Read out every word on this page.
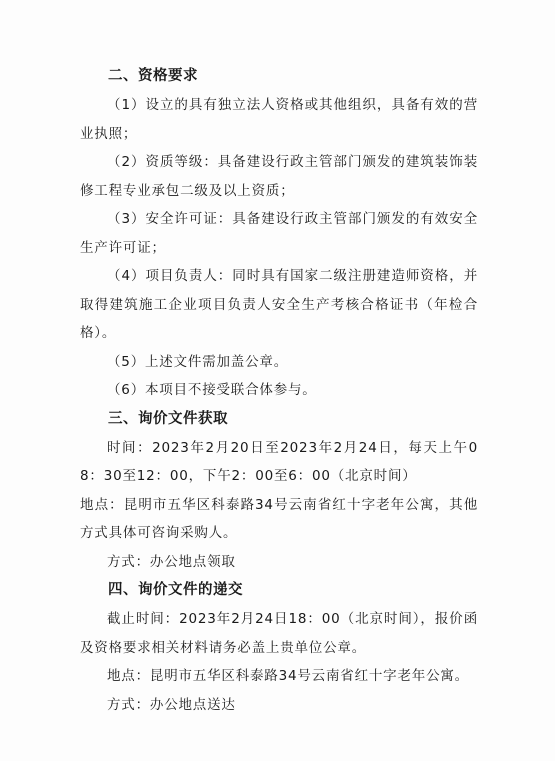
二、资格要求

（1）设立的具有独立法人资格或其他组织，具备有效的营业执照；

（2）资质等级：具备建设行政主管部门颁发的建筑装饰装修工程专业承包二级及以上资质；

（3）安全许可证：具备建设行政主管部门颁发的有效安全生产许可证；

（4）项目负责人：同时具有国家二级注册建造师资格，并取得建筑施工企业项目负责人安全生产考核合格证书（年检合格）。

（5）上述文件需加盖公章。

（6）本项目不接受联合体参与。

三、询价文件获取

时间：2023年2月20日至2023年2月24日，每天上午08：30至12：00，下午2：00至6：00（北京时间）

地点：昆明市五华区科泰路34号云南省红十字老年公寓，其他方式具体可咨询采购人。

方式：办公地点领取

四、询价文件的递交

截止时间：2023年2月24日18：00（北京时间），报价函及资格要求相关材料请务必盖上贵单位公章。

地点：昆明市五华区科泰路34号云南省红十字老年公寓。

方式：办公地点送达
